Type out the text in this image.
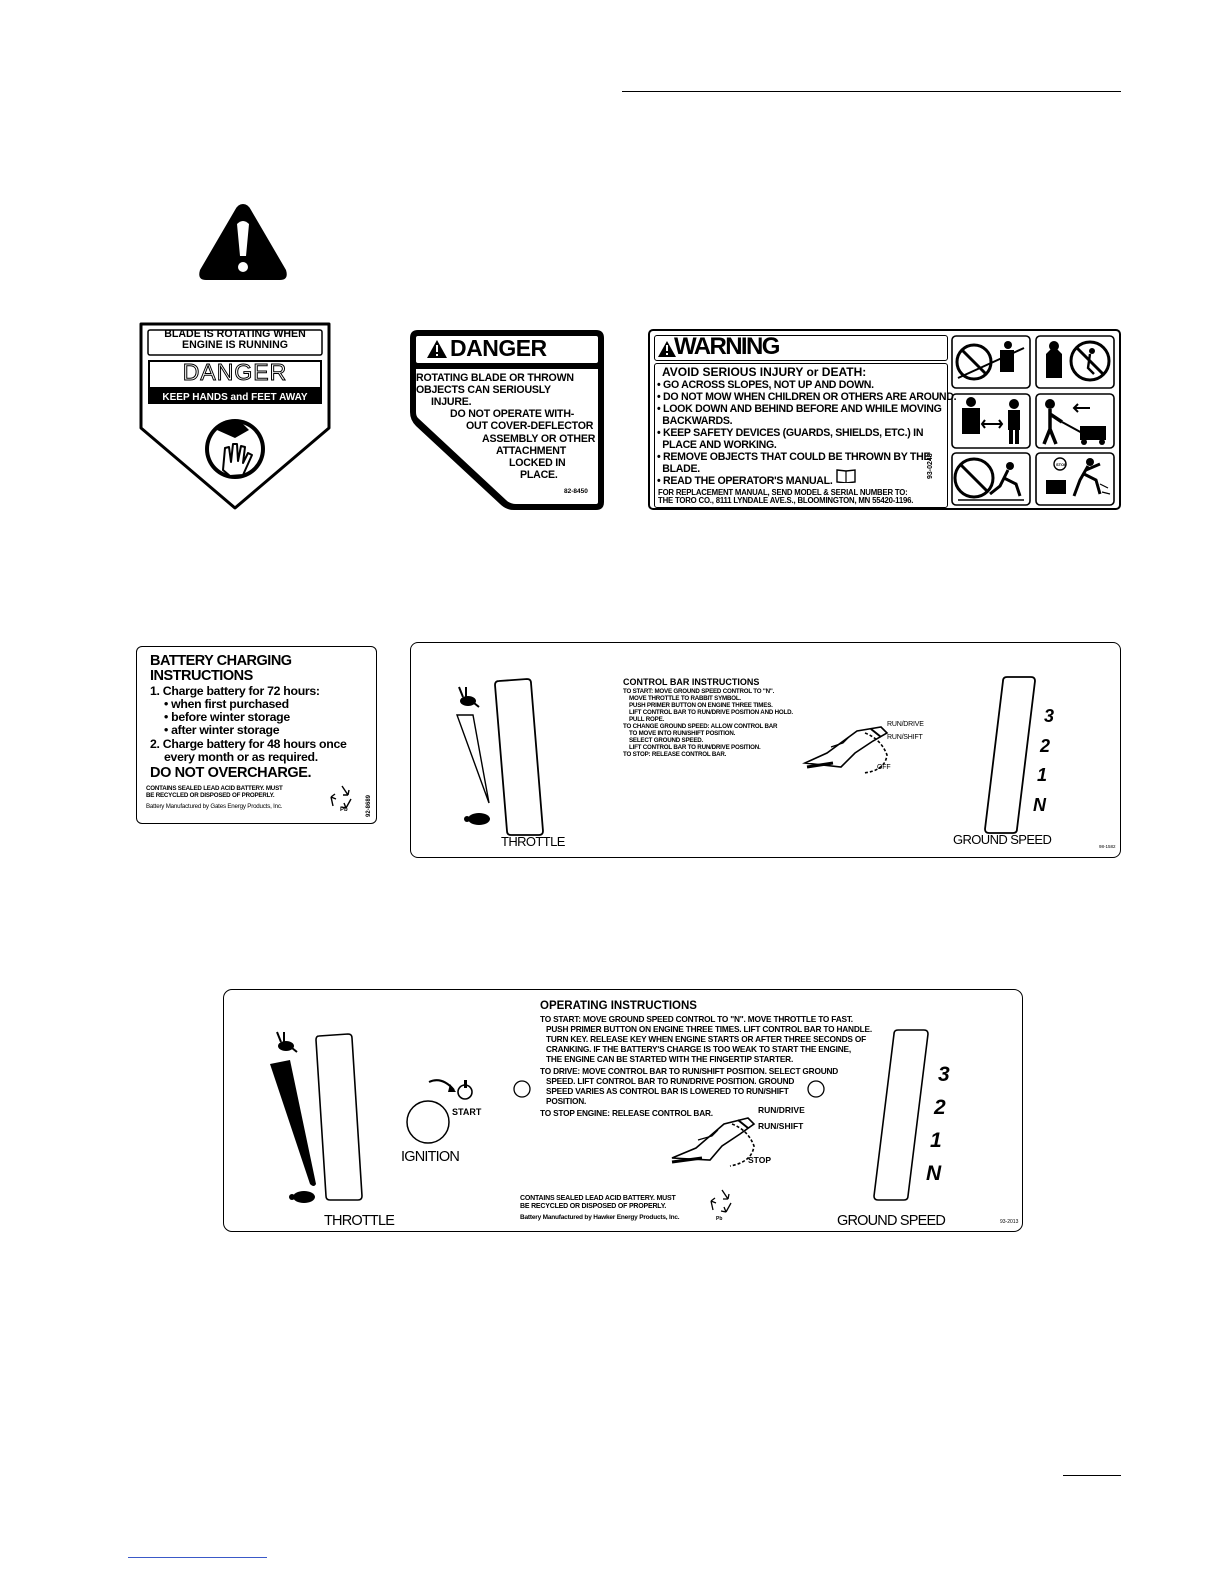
BLADE IS ROTATING WHEN
ENGINE IS RUNNING
DANGER
KEEP HANDS and FEET AWAY
DANGER
ROTATING BLADE OR THROWN
OBJECTS CAN SERIOUSLY
INJURE.
DO NOT OPERATE WITH-
OUT COVER-DEFLECTOR
ASSEMBLY OR OTHER
ATTACHMENT
LOCKED IN
PLACE.
82-8450
WARNING
AVOID SERIOUS INJURY or DEATH:
• GO ACROSS SLOPES, NOT UP AND DOWN.
• DO NOT MOW WHEN CHILDREN OR OTHERS ARE AROUND.
• LOOK DOWN AND BEHIND BEFORE AND WHILE MOVING
BACKWARDS.
• KEEP SAFETY DEVICES (GUARDS, SHIELDS, ETC.) IN
PLACE AND WORKING.
• REMOVE OBJECTS THAT COULD BE THROWN BY THE
BLADE.
• READ THE OPERATOR'S MANUAL.
FOR REPLACEMENT MANUAL, SEND MODEL & SERIAL NUMBER TO:
THE TORO CO., 8111 LYNDALE AVE.S., BLOOMINGTON, MN 55420-1196.
93-0248	STOP
BATTERY CHARGING
INSTRUCTIONS
1. Charge battery for 72 hours:
• when first purchased
• before winter storage
• after winter storage
2. Charge battery for 48 hours once
every month or as required.
DO NOT OVERCHARGE.
CONTAINS SEALED LEAD ACID BATTERY. MUST
BE RECYCLED OR DISPOSED OF PROPERLY.
Battery Manufactured by Gates Energy Products, Inc.	Pb	92-8689
CONTROL BAR INSTRUCTIONS
TO START: MOVE GROUND SPEED CONTROL TO "N".
MOVE THROTTLE TO RABBIT SYMBOL.
PUSH PRIMER BUTTON ON ENGINE THREE TIMES.
LIFT CONTROL BAR TO RUN/DRIVE POSITION AND HOLD.
PULL ROPE.
TO CHANGE GROUND SPEED: ALLOW CONTROL BAR
TO MOVE INTO RUN/SHIFT POSITION.
SELECT GROUND SPEED.
LIFT CONTROL BAR TO RUN/DRIVE POSITION.
TO STOP: RELEASE CONTROL BAR.
RUN/DRIVE
RUN/SHIFT
OFF
THROTTLE	GROUND SPEED
3
2
1
N
98-1582
OPERATING INSTRUCTIONS
TO START: MOVE GROUND SPEED CONTROL TO "N". MOVE THROTTLE TO FAST.
PUSH PRIMER BUTTON ON ENGINE THREE TIMES. LIFT CONTROL BAR TO HANDLE.
TURN KEY. RELEASE KEY WHEN ENGINE STARTS OR AFTER THREE SECONDS OF
CRANKING. IF THE BATTERY'S CHARGE IS TOO WEAK TO START THE ENGINE,
THE ENGINE CAN BE STARTED WITH THE FINGERTIP STARTER.
TO DRIVE: MOVE CONTROL BAR TO RUN/SHIFT POSITION. SELECT GROUND
SPEED. LIFT CONTROL BAR TO RUN/DRIVE POSITION. GROUND
SPEED VARIES AS CONTROL BAR IS LOWERED TO RUN/SHIFT
POSITION.
TO STOP ENGINE: RELEASE CONTROL BAR.
START
IGNITION
RUN/DRIVE
RUN/SHIFT
STOP
THROTTLE	GROUND SPEED
3
2
1
N
CONTAINS SEALED LEAD ACID BATTERY. MUST
BE RECYCLED OR DISPOSED OF PROPERLY.
Battery Manufactured by Hawker Energy Products, Inc.	Pb	93-2013
